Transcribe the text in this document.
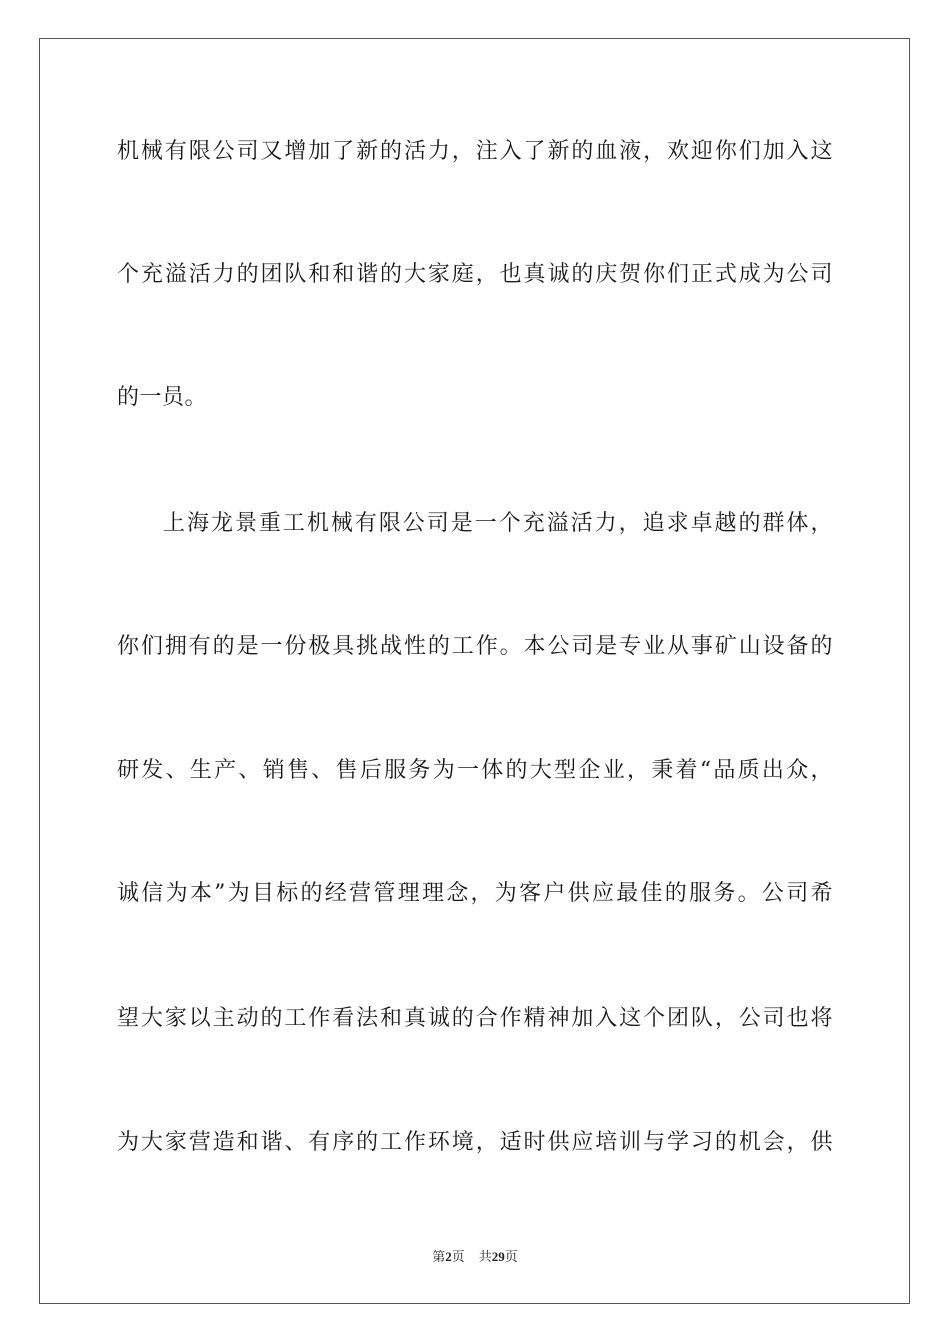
机械有限公司又增加了新的活力，注入了新的血液，欢迎你们加入这
个充溢活力的团队和和谐的大家庭，也真诚的庆贺你们正式成为公司
的一员。
上海龙景重工机械有限公司是一个充溢活力，追求卓越的群体，
你们拥有的是一份极具挑战性的工作。本公司是专业从事矿山设备的
研发、生产、销售、售后服务为一体的大型企业，秉着“品质出众，
诚信为本”为目标的经营管理理念，为客户供应最佳的服务。公司希
望大家以主动的工作看法和真诚的合作精神加入这个团队，公司也将
为大家营造和谐、有序的工作环境，适时供应培训与学习的机会，供
第2页 共29页
